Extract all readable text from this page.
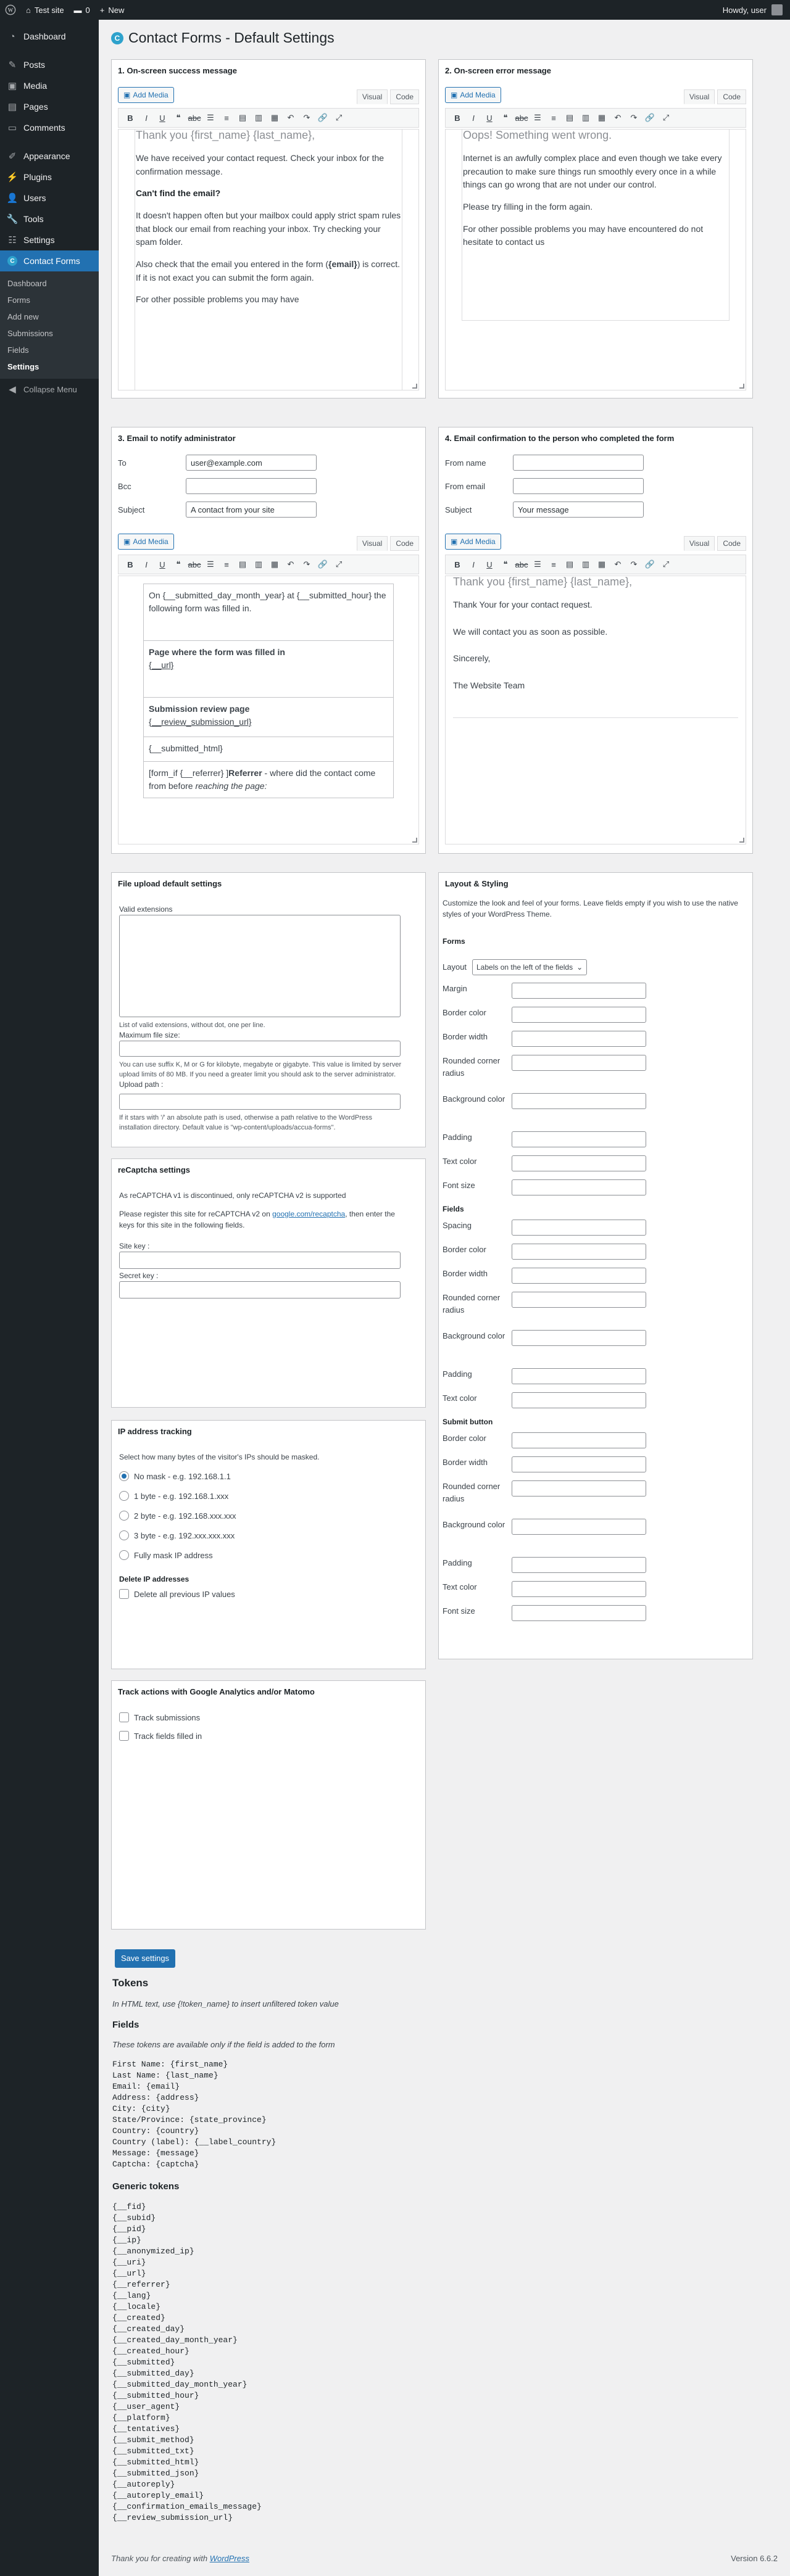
W ⌂ Test site ▬ 0 + New	Howdy, user
◔ Dashboard
✎ Posts
▣ Media
▤ Pages
▭ Comments
✐ Appearance
⚡ Plugins
👤 Users
🔧 Tools
☷ Settings
C	Contact Forms
Dashboard
Forms
Add new
Submissions
Fields
Settings
◀ Collapse Menu
C Contact Forms - Default Settings
1. On-screen success message
▣ Add Media	Visual	Code
B I U	❝ abc ☰	≡	▤	▥	▦	↶	↷ 🔗 ⤢

Thank you {first_name} {last_name},

We have received your contact request. Check your inbox for the confirmation message.

Can't find the email?

It doesn't happen often but your mailbox could apply strict spam rules that block our email from reaching your inbox. Try checking your spam folder.

Also check that the email you entered in the form ({email}) is correct. If it is not exact you can submit the form again.

For other possible problems you may have

2. On-screen error message
▣ Add Media	Visual	Code
B I U	❝ abc ☰	≡	▤	▥	▦	↶	↷ 🔗 ⤢

Oops! Something went wrong.

Internet is an awfully complex place and even though we take every precaution to make sure things run smoothly every once in a while things can go wrong that are not under our control.

Please try filling in the form again.

For other possible problems you may have encountered do not hesitate to contact us

3. Email to notify administrator
To	user@example.com
Bcc
Subject	A contact from your site
▣ Add Media	Visual	Code
B I U	❝ abc ☰	≡	▤	▥	▦	↶	↷ 🔗 ⤢
On {__submitted_day_month_year} at {__submitted_hour} the following form was filled in.
Page where the form was filled in
{__url}
Submission review page
{__review_submission_url}
{__submitted_html}
[form_if {__referrer} ]Referrer - where did the contact come from before reaching the page:
4. Email confirmation to the person who completed the form
From name
From email
Subject	Your message
▣ Add Media	Visual	Code
B I U	❝ abc ☰	≡	▤	▥	▦	↶	↷ 🔗 ⤢

Thank you {first_name} {last_name},

Thank Your for your contact request.

We will contact you as soon as possible.

Sincerely,

The Website Team

File upload default settings
Valid extensions
List of valid extensions, without dot, one per line.
Maximum file size:
You can use suffix K, M or G for kilobyte, megabyte or gigabyte. This value is limited by server upload limits of 80 MB. If you need a greater limit you should ask to the server administrator.
Upload path :
If it stars with '/' an absolute path is used, otherwise a path relative to the WordPress installation directory. Default value is "wp-content/uploads/accua-forms".
reCaptcha settings
As reCAPTCHA v1 is discontinued, only reCAPTCHA v2 is supported
Please register this site for reCAPTCHA v2 on google.com/recaptcha, then enter the keys for this site in the following fields.
Site key :
Secret key :
IP address tracking
Select how many bytes of the visitor's IPs should be masked.
No mask - e.g. 192.168.1.1
1 byte - e.g. 192.168.1.xxx
2 byte - e.g. 192.168.xxx.xxx
3 byte - e.g. 192.xxx.xxx.xxx
Fully mask IP address
Delete IP addresses
Delete all previous IP values
Track actions with Google Analytics and/or Matomo
Track submissions
Track fields filled in
Layout & Styling
Customize the look and feel of your forms. Leave fields empty if you wish to use the native styles of your WordPress Theme.
Forms
Layout	Labels on the left of the fields ⌄
Margin
Border color
Border width
Rounded corner radius
Background color
Padding
Text color
Font size
Fields
Spacing
Border color
Border width
Rounded corner radius
Background color
Padding
Text color
Submit button
Border color
Border width
Rounded corner radius
Background color
Padding
Text color
Font size
Save settings
Tokens
In HTML text, use {!token_name} to insert unfiltered token value
Fields
These tokens are available only if the field is added to the form
First Name: {first_name}
Last Name: {last_name}
Email: {email}
Address: {address}
City: {city}
State/Province: {state_province}
Country: {country}
Country (label): {__label_country}
Message: {message}
Captcha: {captcha}
Generic tokens
{__fid}
{__subid}
{__pid}
{__ip}
{__anonymized_ip}
{__uri}
{__url}
{__referrer}
{__lang}
{__locale}
{__created}
{__created_day}
{__created_day_month_year}
{__created_hour}
{__submitted}
{__submitted_day}
{__submitted_day_month_year}
{__submitted_hour}
{__user_agent}
{__platform}
{__tentatives}
{__submit_method}
{__submitted_txt}
{__submitted_html}
{__submitted_json}
{__autoreply}
{__autoreply_email}
{__confirmation_emails_message}
{__review_submission_url}
Thank you for creating with WordPress	Version 6.6.2
